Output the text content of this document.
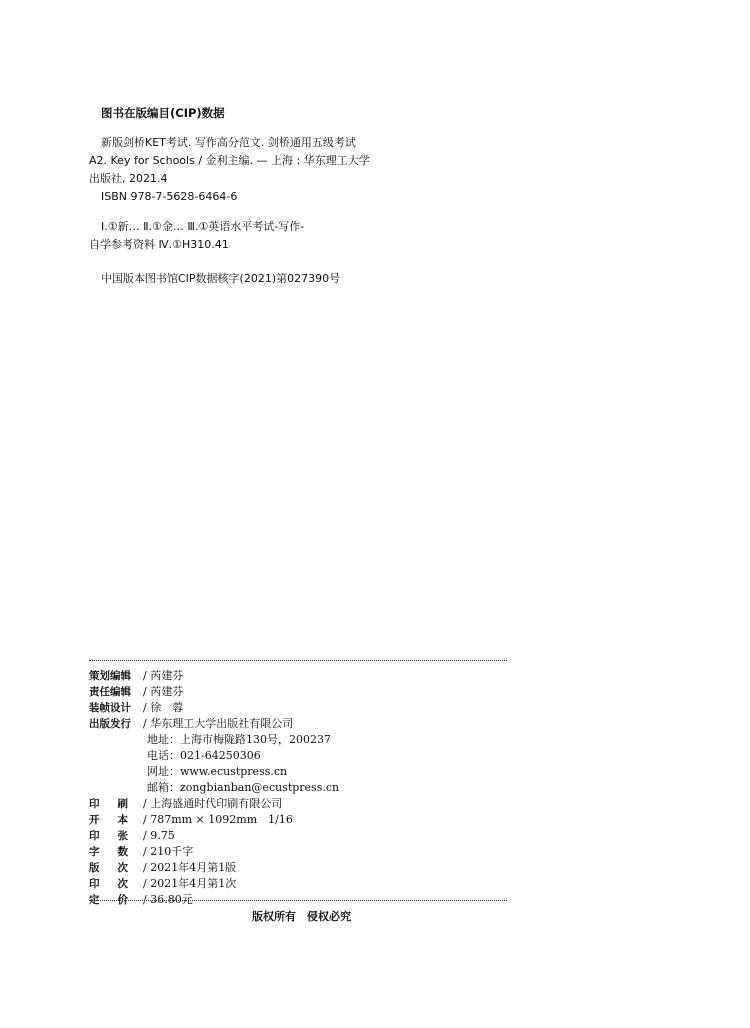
图书在版编目(CIP)数据
新版剑桥KET考试. 写作高分范文. 剑桥通用五级考试
A2. Key for Schools / 金利主编. — 上海 : 华东理工大学
出版社, 2021.4
ISBN 978-7-5628-6464-6
Ⅰ.①新… Ⅱ.①金… Ⅲ.①英语水平考试-写作-
自学参考资料 Ⅳ.①H310.41
中国版本图书馆CIP数据核字(2021)第027390号
策划编辑 / 芮建芬
责任编辑 / 芮建芬
装帧设计 / 徐　蓉
出版发行 / 华东理工大学出版社有限公司
地址：上海市梅陇路130号，200237
电话：021-64250306
网址：www.ecustpress.cn
邮箱：zongbianban@ecustpress.cn
印 刷 / 上海盛通时代印刷有限公司
开 本 / 787mm × 1092mm　1/16
印 张 / 9.75
字 数 / 210千字
版 次 / 2021年4月第1版
印 次 / 2021年4月第1次
定 价 / 36.80元
版权所有　侵权必究
